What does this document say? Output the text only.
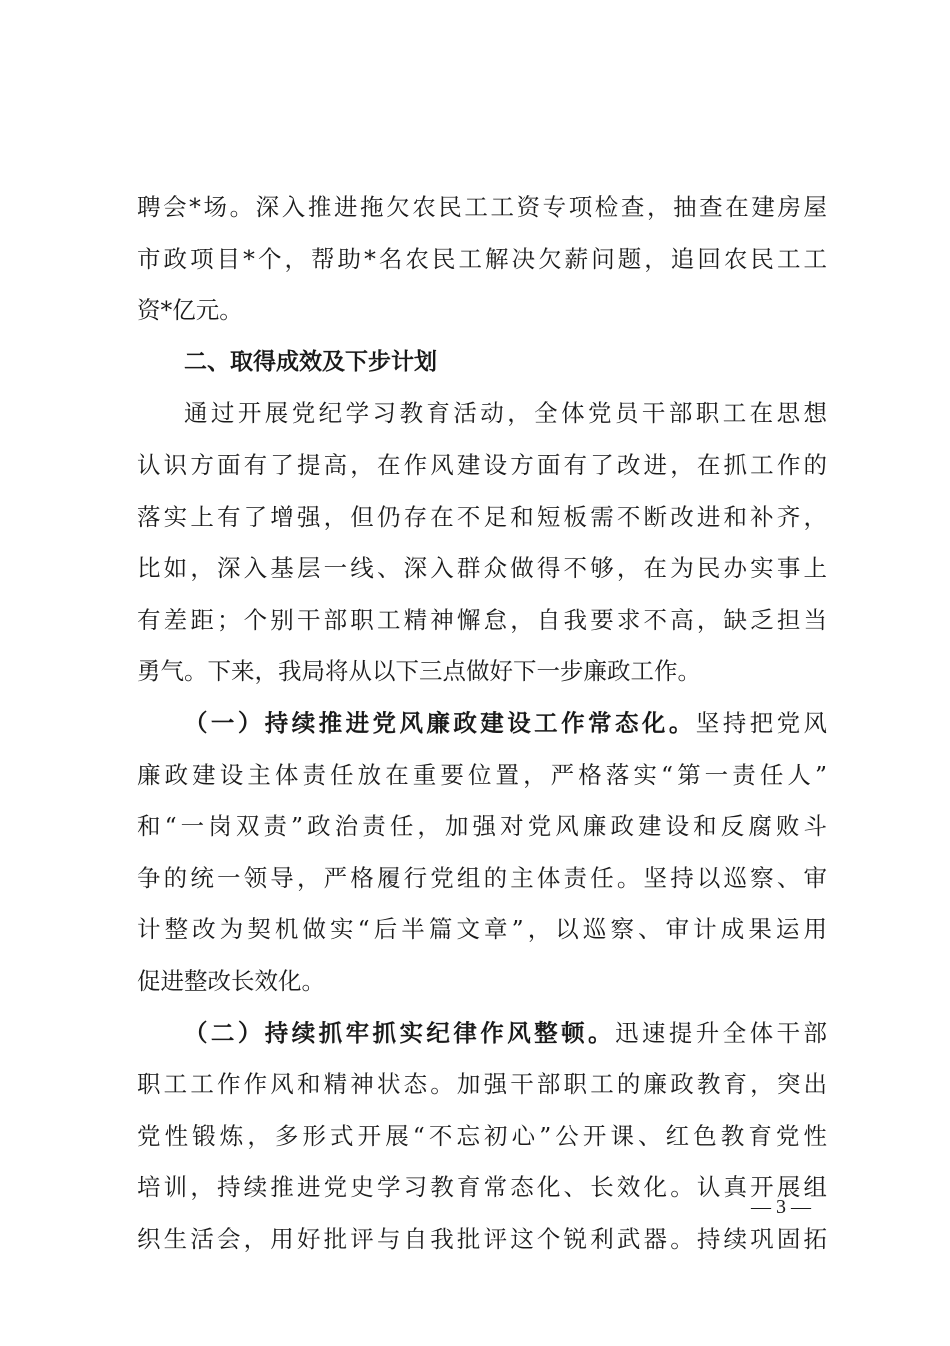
聘会*场。深入推进拖欠农民工工资专项检查，抽查在建房屋
市政项目*个，帮助*名农民工解决欠薪问题，追回农民工工
资*亿元。
二、取得成效及下步计划
通过开展党纪学习教育活动，全体党员干部职工在思想
认识方面有了提高，在作风建设方面有了改进，在抓工作的
落实上有了增强，但仍存在不足和短板需不断改进和补齐，
比如，深入基层一线、深入群众做得不够，在为民办实事上
有差距；个别干部职工精神懈怠，自我要求不高，缺乏担当
勇气。下来，我局将从以下三点做好下一步廉政工作。
（一）持续推进党风廉政建设工作常态化。坚持把党风
廉政建设主体责任放在重要位置，严格落实“第一责任人”
和“一岗双责”政治责任，加强对党风廉政建设和反腐败斗
争的统一领导，严格履行党组的主体责任。坚持以巡察、审
计整改为契机做实“后半篇文章”，以巡察、审计成果运用
促进整改长效化。
（二）持续抓牢抓实纪律作风整顿。迅速提升全体干部
职工工作作风和精神状态。加强干部职工的廉政教育，突出
党性锻炼，多形式开展“不忘初心”公开课、红色教育党性
培训，持续推进党史学习教育常态化、长效化。认真开展组
织生活会，用好批评与自我批评这个锐利武器。持续巩固拓
— 3 —
